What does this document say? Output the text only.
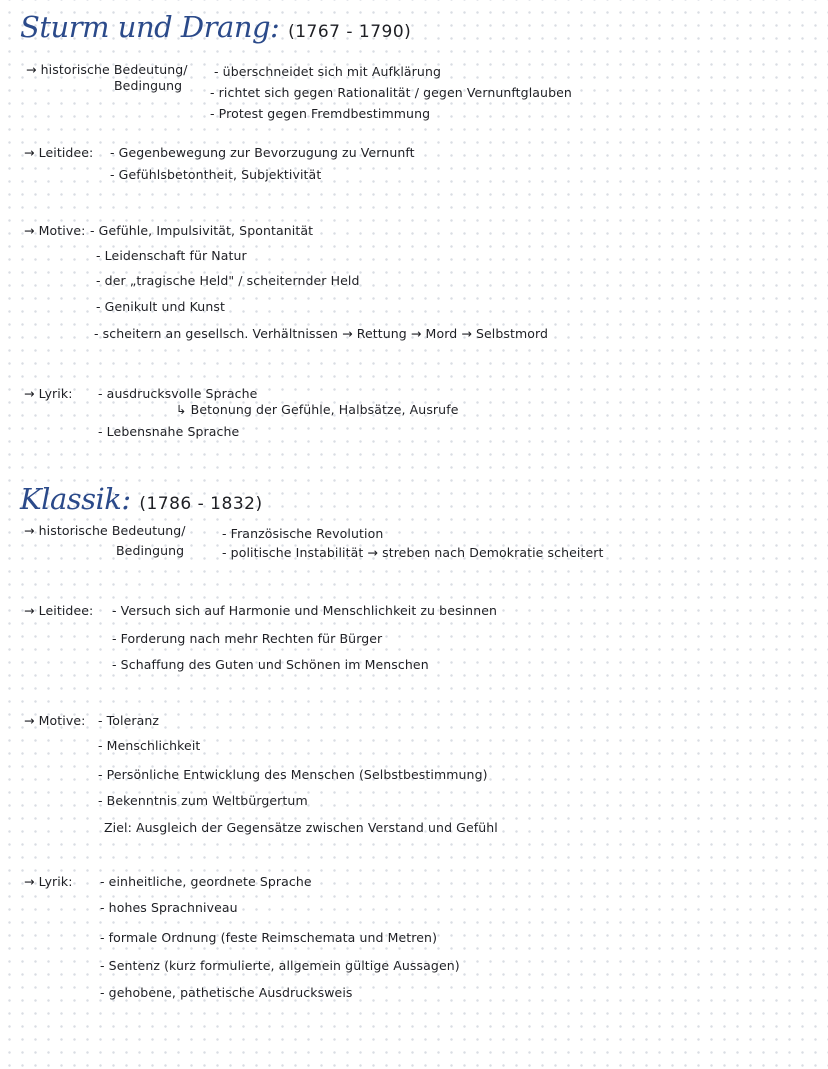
Sturm und Drang: (1767 - 1790)
→ historische Bedeutung/
Bedingung
- überschneidet sich mit Aufklärung
- richtet sich gegen Rationalität / gegen Vernunftglauben
- Protest gegen Fremdbestimmung
→ Leitidee: - Gegenbewegung zur Bevorzugung zu Vernunft
- Gefühlsbetontheit, Subjektivität
→ Motive: - Gefühle, Impulsivität, Spontanität
- Leidenschaft für Natur
- der „tragische Held" / scheiternder Held
- Genikult und Kunst
- scheitern an gesellsch. Verhältnissen → Rettung → Mord → Selbstmord
→ Lyrik: - ausdrucksvolle Sprache
↳ Betonung der Gefühle, Halbsätze, Ausrufe
- Lebensnahe Sprache
Klassik: (1786 - 1832)
→ historische Bedeutung/
Bedingung
- Französische Revolution
- politische Instabilität → streben nach Demokratie scheitert
→ Leitidee: - Versuch sich auf Harmonie und Menschlichkeit zu besinnen
- Forderung nach mehr Rechten für Bürger
- Schaffung des Guten und Schönen im Menschen
→ Motive: - Toleranz
- Menschlichkeit
- Persönliche Entwicklung des Menschen (Selbstbestimmung)
- Bekenntnis zum Weltbürgertum
Ziel: Ausgleich der Gegensätze zwischen Verstand und Gefühl
→ Lyrik: - einheitliche, geordnete Sprache
- hohes Sprachniveau
- formale Ordnung (feste Reimschemata und Metren)
- Sentenz (kurz formulierte, allgemein gültige Aussagen)
- gehobene, pathetische Ausdrucksweis
